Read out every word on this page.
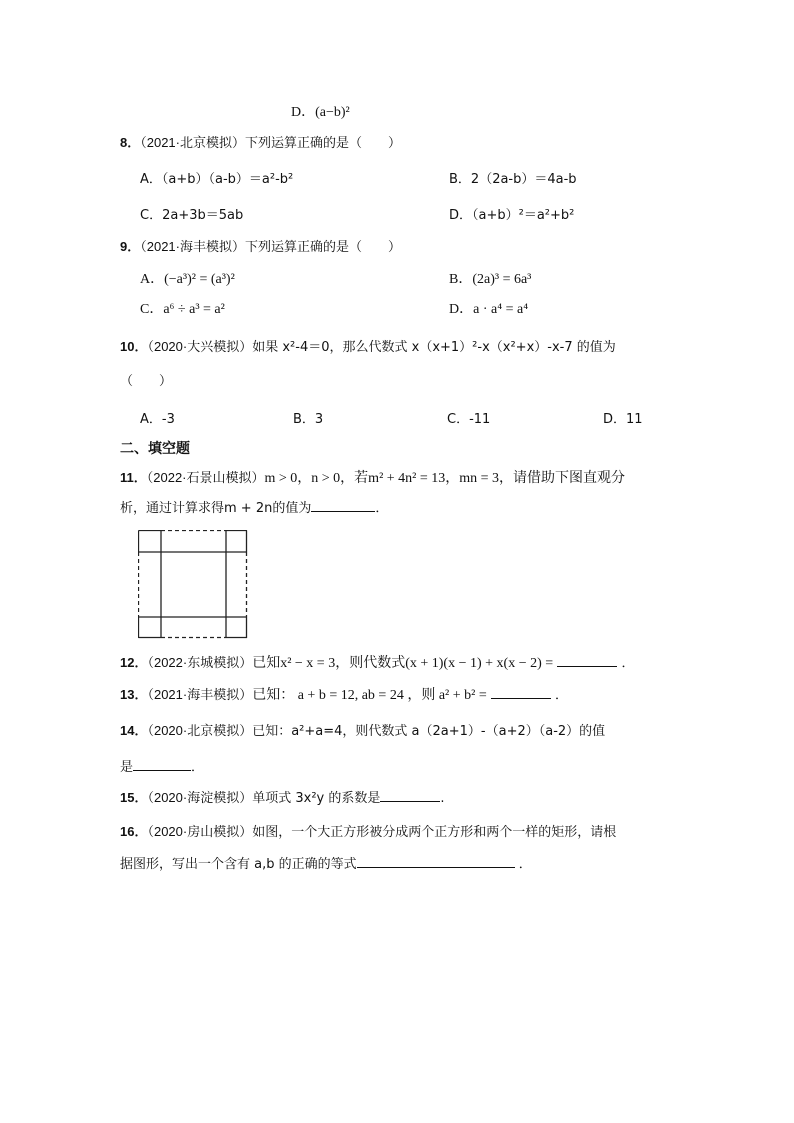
D．(a−b)²
8．（2021·北京模拟）下列运算正确的是（　　）
A．（a+b）（a-b）＝a²-b²	B．2（2a-b）＝4a-b
C．2a+3b＝5ab	D．（a+b）²＝a²+b²
9．（2021·海丰模拟）下列运算正确的是（　　）
A．(−a³)² = (a³)²	B．(2a)³ = 6a³
C．a⁶ ÷ a³ = a²	D．a · a⁴ = a⁴
10．（2020·大兴模拟）如果 x²-4＝0，那么代数式 x（x+1）²-x（x²+x）-x-7 的值为
（　　）
A．-3	B．3	C．-11	D．11
二、填空题
11．（2022·石景山模拟）m > 0，n > 0，若m² + 4n² = 13，mn = 3，请借助下图直观分
析，通过计算求得m + 2n的值为	．
12．（2022·东城模拟）已知x² − x = 3，则代数式(x + 1)(x − 1) + x(x − 2) =	．
13．（2021·海丰模拟）已知： a + b = 12, ab = 24 ，则 a² + b² =	．
14．（2020·北京模拟）已知：a²+a=4，则代数式 a（2a+1）-（a+2）（a-2）的值
是	．
15．（2020·海淀模拟）单项式 3x²y 的系数是	.
16．（2020·房山模拟）如图，一个大正方形被分成两个正方形和两个一样的矩形，请根
据图形，写出一个含有 a,b 的正确的等式	．
